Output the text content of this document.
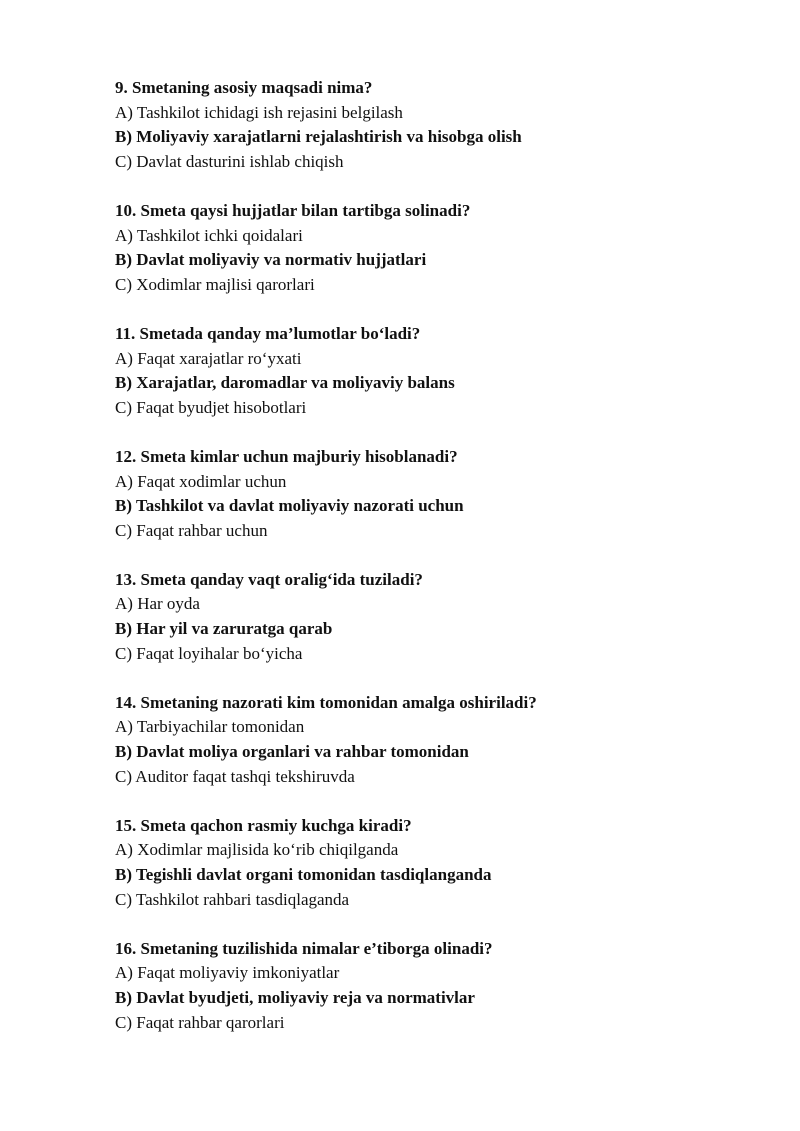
9. Smetaning asosiy maqsadi nima?
A) Tashkilot ichidagi ish rejasini belgilash
B) Moliyaviy xarajatlarni rejalashtirish va hisobga olish
C) Davlat dasturini ishlab chiqish
10. Smeta qaysi hujjatlar bilan tartibga solinadi?
A) Tashkilot ichki qoidalari
B) Davlat moliyaviy va normativ hujjatlari
C) Xodimlar majlisi qarorlari
11. Smetada qanday ma’lumotlar bo‘ladi?
A) Faqat xarajatlar ro‘yxati
B) Xarajatlar, daromadlar va moliyaviy balans
C) Faqat byudjet hisobotlari
12. Smeta kimlar uchun majburiy hisoblanadi?
A) Faqat xodimlar uchun
B) Tashkilot va davlat moliyaviy nazorati uchun
C) Faqat rahbar uchun
13. Smeta qanday vaqt oralig‘ida tuziladi?
A) Har oyda
B) Har yil va zaruratga qarab
C) Faqat loyihalar bo‘yicha
14. Smetaning nazorati kim tomonidan amalga oshiriladi?
A) Tarbiyachilar tomonidan
B) Davlat moliya organlari va rahbar tomonidan
C) Auditor faqat tashqi tekshiruvda
15. Smeta qachon rasmiy kuchga kiradi?
A) Xodimlar majlisida ko‘rib chiqilganda
B) Tegishli davlat organi tomonidan tasdiqlanganda
C) Tashkilot rahbari tasdiqlaganda
16. Smetaning tuzilishida nimalar e’tiborga olinadi?
A) Faqat moliyaviy imkoniyatlar
B) Davlat byudjeti, moliyaviy reja va normativlar
C) Faqat rahbar qarorlari
